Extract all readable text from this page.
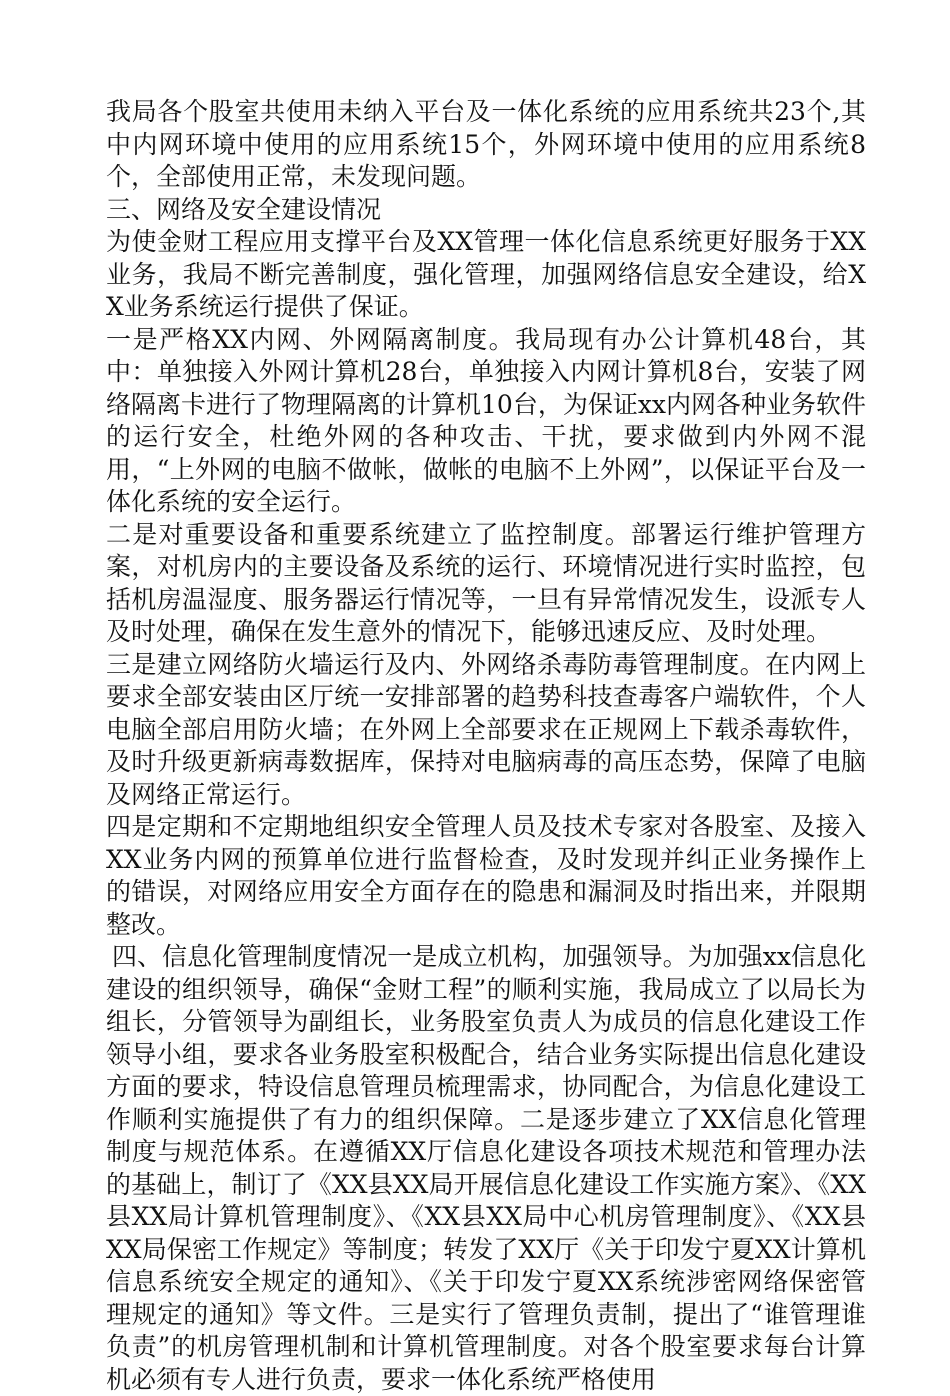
我局各个股室共使用未纳入平台及一体化系统的应用系统共23个,其中内网环境中使用的应用系统15个，外网环境中使用的应用系统8个，全部使用正常，未发现问题。

三、网络及安全建设情况

为使金财工程应用支撑平台及XX管理一体化信息系统更好服务于XX业务，我局不断完善制度，强化管理，加强网络信息安全建设，给XX业务系统运行提供了保证。

一是严格XX内网、外网隔离制度。我局现有办公计算机48台，其中：单独接入外网计算机28台，单独接入内网计算机8台，安装了网络隔离卡进行了物理隔离的计算机10台，为保证xx内网各种业务软件的运行安全，杜绝外网的各种攻击、干扰，要求做到内外网不混用，“上外网的电脑不做帐，做帐的电脑不上外网”，以保证平台及一体化系统的安全运行。

二是对重要设备和重要系统建立了监控制度。部署运行维护管理方案，对机房内的主要设备及系统的运行、环境情况进行实时监控，包括机房温湿度、服务器运行情况等，一旦有异常情况发生，设派专人及时处理，确保在发生意外的情况下，能够迅速反应、及时处理。

三是建立网络防火墙运行及内、外网络杀毒防毒管理制度。在内网上要求全部安装由区厅统一安排部署的趋势科技查毒客户端软件，个人电脑全部启用防火墙；在外网上全部要求在正规网上下载杀毒软件，及时升级更新病毒数据库，保持对电脑病毒的高压态势，保障了电脑及网络正常运行。

四是定期和不定期地组织安全管理人员及技术专家对各股室、及接入XX业务内网的预算单位进行监督检查，及时发现并纠正业务操作上的错误，对网络应用安全方面存在的隐患和漏洞及时指出来，并限期整改。

四、信息化管理制度情况一是成立机构，加强领导。为加强xx信息化建设的组织领导，确保“金财工程”的顺利实施，我局成立了以局长为组长，分管领导为副组长，业务股室负责人为成员的信息化建设工作领导小组，要求各业务股室积极配合，结合业务实际提出信息化建设方面的要求，特设信息管理员梳理需求，协同配合，为信息化建设工作顺利实施提供了有力的组织保障。二是逐步建立了XX信息化管理制度与规范体系。在遵循XX厅信息化建设各项技术规范和管理办法的基础上，制订了《XX县XX局开展信息化建设工作实施方案》、《XX县XX局计算机管理制度》、《XX县XX局中心机房管理制度》、《XX县XX局保密工作规定》等制度；转发了XX厅《关于印发宁夏XX计算机信息系统安全规定的通知》、《关于印发宁夏XX系统涉密网络保密管理规定的通知》等文件。三是实行了管理负责制，提出了“谁管理谁负责”的机房管理机制和计算机管理制度。对各个股室要求每台计算机必须有专人进行负责，要求一体化系统严格使用
